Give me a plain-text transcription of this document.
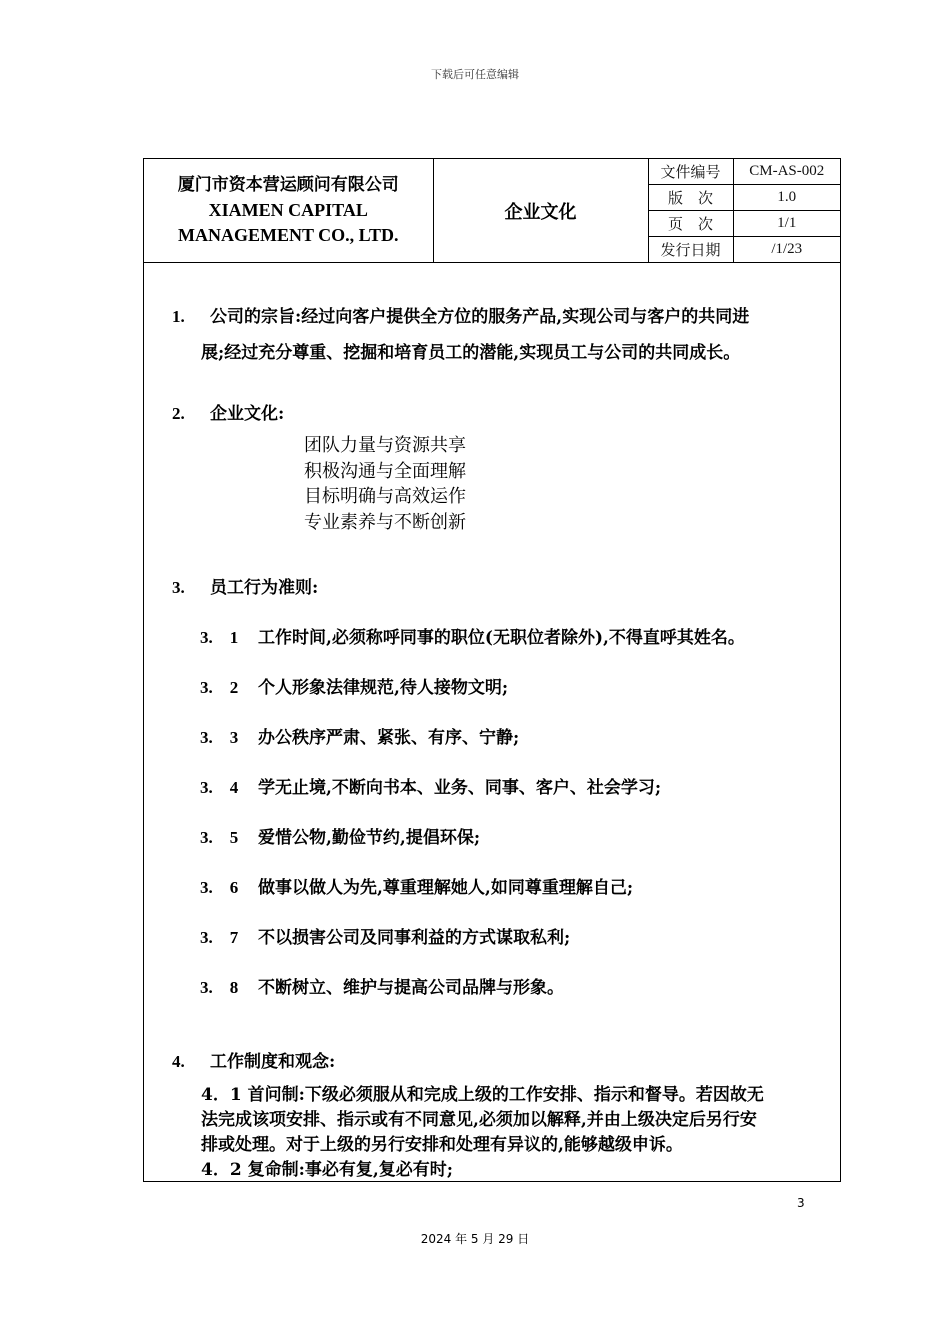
下载后可任意编辑
厦门市资本营运顾问有限公司
XIAMEN CAPITAL
MANAGEMENT CO., LTD.	企业文化	文件编号	CM-AS-002
		版　次	1.0
		页　次	1/1
		发行日期	/1/23
1. 公司的宗旨:经过向客户提供全方位的服务产品,实现公司与客户的共同进
展;经过充分尊重、挖掘和培育员工的潜能,实现员工与公司的共同成长。
2. 企业文化:
团队力量与资源共享
积极沟通与全面理解
目标明确与高效运作
专业素养与不断创新
3. 员工行为准则:
3.　1 工作时间,必须称呼同事的职位(无职位者除外),不得直呼其姓名。
3.　2 个人形象法律规范,待人接物文明;
3.　3 办公秩序严肃、紧张、有序、宁静;
3.　4 学无止境,不断向书本、业务、同事、客户、社会学习;
3.　5 爱惜公物,勤俭节约,提倡环保;
3.　6 做事以做人为先,尊重理解她人,如同尊重理解自己;
3.　7 不以损害公司及同事利益的方式谋取私利;
3.　8 不断树立、维护与提高公司品牌与形象。
4. 工作制度和观念:
4．1 首问制:下级必须服从和完成上级的工作安排、指示和督导。若因故无
法完成该项安排、指示或有不同意见,必须加以解释,并由上级决定后另行安
排或处理。对于上级的另行安排和处理有异议的,能够越级申诉。
4．2 复命制:事必有复,复必有时;
3
2024 年 5 月 29 日
